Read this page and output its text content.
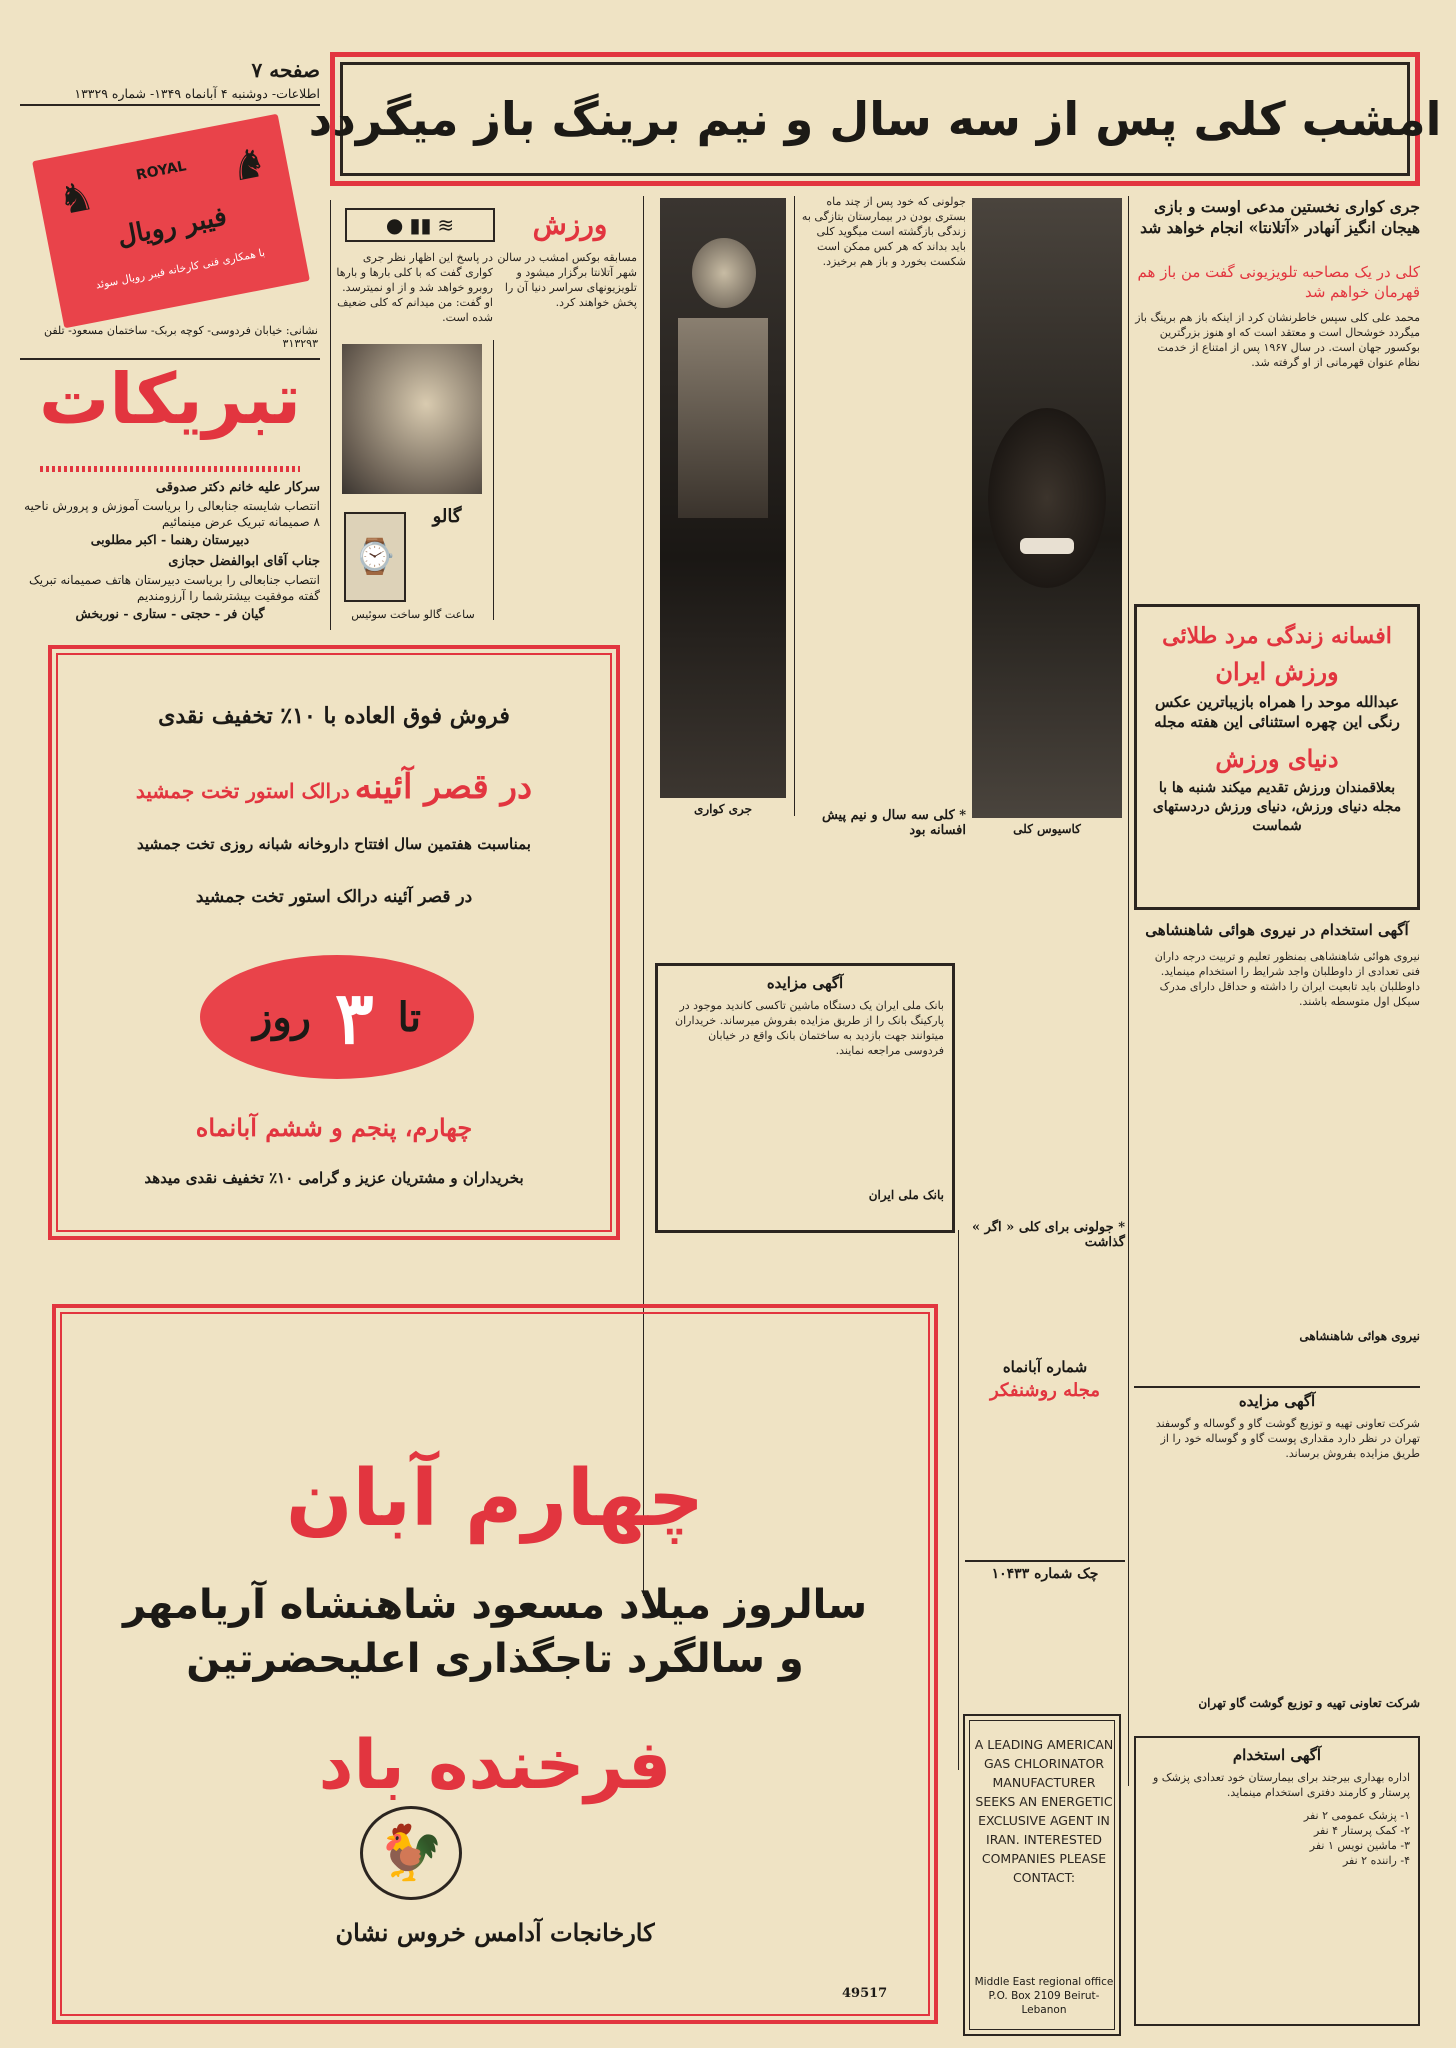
صفحه ۷
اطلاعات- دوشنبه ۴ آبانماه ۱۳۴۹- شماره ۱۳۳۲۹
امشب کلی پس از سه سال و نیم برینگ باز میگردد
ROYAL
♞
♞
فیبر رویال
با همکاری فنی کارخانه فیبر رویال سوئد
نشانی: خیابان فردوسی- کوچه بربک- ساختمان مسعود- تلفن ۳۱۳۲۹۳
تبریکات
سرکار علیه خانم دکتر صدوقی
انتصاب شایسته جنابعالی را بریاست آموزش و پرورش ناحیه ۸ صمیمانه تبریک عرض مینمائیم
دبیرستان رهنما - اکبر مطلوبی
جناب آقای ابوالفضل حجازی
انتصاب جنابعالی را بریاست دبیرستان هاتف صمیمانه تبریک گفته موفقیت بیشترشما را آرزومندیم
گیان فر - حجتی - ستاری - نوربخش
● ▮▮ ≋	ورزش
در پاسخ این اظهار نظر جری کواری گفت که با کلی بارها و بارها روبرو خواهد شد و از او نمیترسد. او گفت: من میدانم که کلی ضعیف شده است.
مسابقه بوکس امشب در سالن شهر آتلانتا برگزار میشود و تلویزیونهای سراسر دنیا آن را پخش خواهند کرد.
⌚
گالو
ساعت گالو ساخت سوئیس
جولونی که خود پس از چند ماه بستری بودن در بیمارستان بتازگی به زندگی بازگشته است میگوید کلی باید بداند که هر کس ممکن است شکست بخورد و باز هم برخیزد.
جری کواری
کاسیوس کلی
جری کواری نخستین مدعی اوست و بازی هیجان انگیز آنهادر «آتلانتا» انجام خواهد شد
کلی در یک مصاحبه تلویزیونی گفت من باز هم قهرمان خواهم شد
محمد علی کلی سپس خاطرنشان کرد از اینکه باز هم برینگ باز میگردد خوشحال است و معتقد است که او هنوز بزرگترین بوکسور جهان است. در سال ۱۹۶۷ پس از امتناع از خدمت نظام عنوان قهرمانی از او گرفته شد.
افسانه زندگی مرد طلائی
ورزش ایران
عبدالله موحد را همراه بازیباترین عکس رنگی این چهره استثنائی این هفته مجله
دنیای ورزش
بعلاقمندان ورزش تقدیم میکند شنبه ها با مجله دنیای ورزش، دنیای ورزش دردستهای شماست
* کلی سه سال و نیم پیش افسانه بود
* جولونی برای کلی « اگر » گذاشت
فروش فوق العاده با ۱۰٪ تخفیف نقدی
در قصر آئینه درالک استور تخت جمشید
بمناسبت هفتمین سال افتتاح داروخانه شبانه روزی تخت جمشید
در قصر آئینه درالک استور تخت جمشید
روز ۳ تا
چهارم، پنجم و ششم آبانماه
بخریداران و مشتریان عزیز و گرامی ۱۰٪ تخفیف نقدی میدهد
آگهی مزایده
بانک ملی ایران یک دستگاه ماشین تاکسی کاندید موجود در پارکینگ بانک را از طریق مزایده بفروش میرساند. خریداران میتوانند جهت بازدید به ساختمان بانک واقع در خیابان فردوسی مراجعه نمایند.
بانک ملی ایران
چهارم آبان
سالروز میلاد مسعود شاهنشاه آریامهر
و سالگرد تاجگذاری اعلیحضرتین
فرخنده باد
🐓
کارخانجات آدامس خروس نشان
49517
شماره آبانماه
مجله روشنفکر
چک شماره ۱۰۴۳۳
A LEADING AMERICAN GAS CHLORINATOR MANUFACTURER SEEKS AN ENERGETIC EXCLUSIVE AGENT IN IRAN. INTERESTED COMPANIES PLEASE CONTACT:
Middle East regional office P.O. Box 2109 Beirut-Lebanon
آگهی استخدام در نیروی هوائی شاهنشاهی
نیروی هوائی شاهنشاهی بمنظور تعلیم و تربیت درجه داران فنی تعدادی از داوطلبان واجد شرایط را استخدام مینماید. داوطلبان باید تابعیت ایران را داشته و حداقل دارای مدرک سیکل اول متوسطه باشند.
نیروی هوائی شاهنشاهی
آگهی مزایده
شرکت تعاونی تهیه و توزیع گوشت گاو و گوساله و گوسفند تهران در نظر دارد مقداری پوست گاو و گوساله خود را از طریق مزایده بفروش برساند.
شرکت تعاونی تهیه و توزیع گوشت گاو تهران
آگهی استخدام
اداره بهداری بیرجند برای بیمارستان خود تعدادی پزشک و پرستار و کارمند دفتری استخدام مینماید.
۱- پزشک عمومی ۲ نفر
۲- کمک پرستار ۴ نفر
۳- ماشین نویس ۱ نفر
۴- راننده ۲ نفر
